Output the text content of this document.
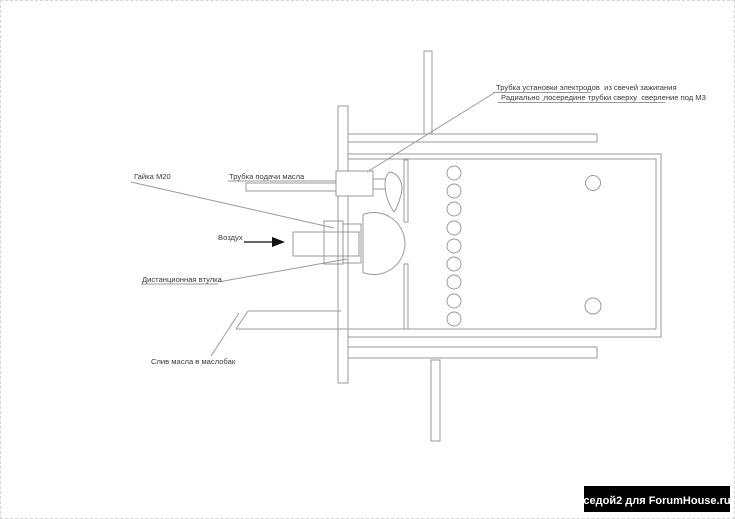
Трубка установки электродов  из свечей зажигания
Радиально ,посередине трубки сверху  сверление под М3
Гайка М20	Трубка подачи масла
Воздух
Дистанционная втулка
Слив масла в маслобак
седой2 для ForumHouse.ru
